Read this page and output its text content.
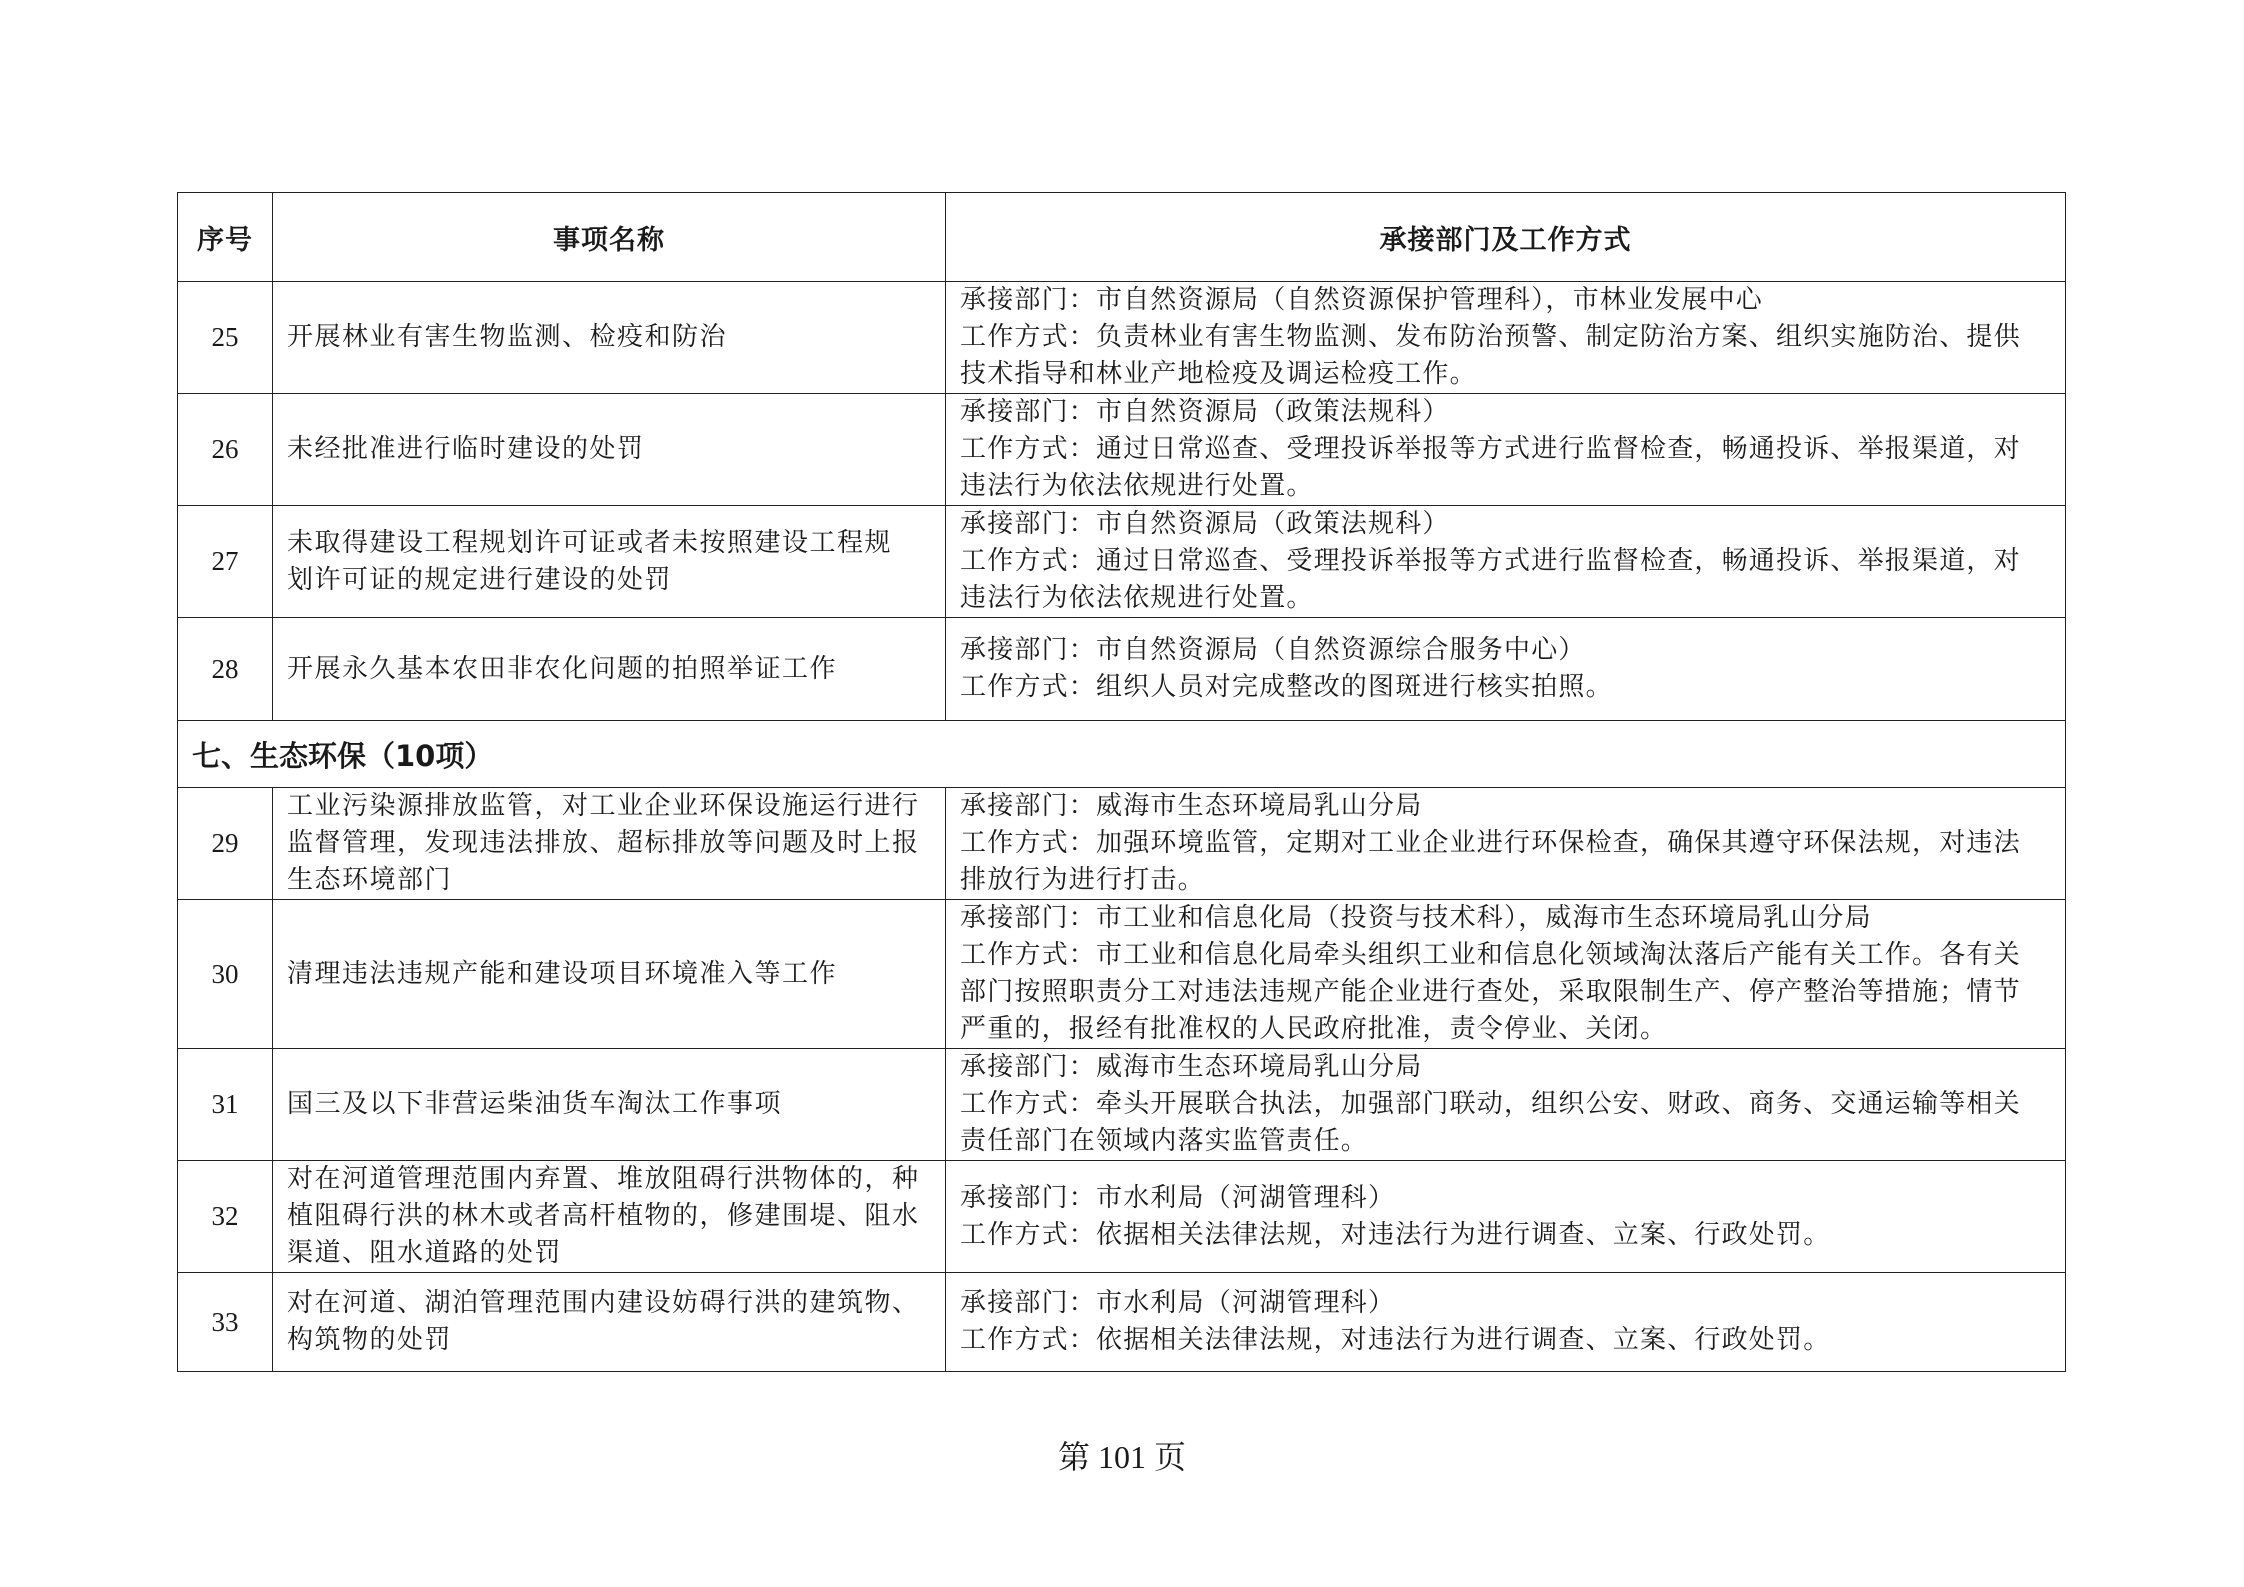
序号	事项名称	承接部门及工作方式
25	开展林业有害生物监测、检疫和防治	承接部门：市自然资源局（自然资源保护管理科），市林业发展中心
工作方式：负责林业有害生物监测、发布防治预警、制定防治方案、组织实施防治、提供
技术指导和林业产地检疫及调运检疫工作。

26	未经批准进行临时建设的处罚	承接部门：市自然资源局（政策法规科）
工作方式：通过日常巡查、受理投诉举报等方式进行监督检查，畅通投诉、举报渠道，对
违法行为依法依规进行处置。

27	未取得建设工程规划许可证或者未按照建设工程规
划许可证的规定进行建设的处罚	承接部门：市自然资源局（政策法规科）
工作方式：通过日常巡查、受理投诉举报等方式进行监督检查，畅通投诉、举报渠道，对
违法行为依法依规进行处置。

28	开展永久基本农田非农化问题的拍照举证工作	承接部门：市自然资源局（自然资源综合服务中心）
工作方式：组织人员对完成整改的图斑进行核实拍照。

七、生态环保（10项）		
29	工业污染源排放监管，对工业企业环保设施运行进行
监督管理，发现违法排放、超标排放等问题及时上报
生态环境部门	承接部门：威海市生态环境局乳山分局
工作方式：加强环境监管，定期对工业企业进行环保检查，确保其遵守环保法规，对违法
排放行为进行打击。

30	清理违法违规产能和建设项目环境准入等工作	承接部门：市工业和信息化局（投资与技术科），威海市生态环境局乳山分局
工作方式：市工业和信息化局牵头组织工业和信息化领域淘汰落后产能有关工作。各有关
部门按照职责分工对违法违规产能企业进行查处，采取限制生产、停产整治等措施；情节
严重的，报经有批准权的人民政府批准，责令停业、关闭。

31	国三及以下非营运柴油货车淘汰工作事项	承接部门：威海市生态环境局乳山分局
工作方式：牵头开展联合执法，加强部门联动，组织公安、财政、商务、交通运输等相关
责任部门在领域内落实监管责任。

32	对在河道管理范围内弃置、堆放阻碍行洪物体的，种
植阻碍行洪的林木或者高杆植物的，修建围堤、阻水
渠道、阻水道路的处罚	承接部门：市水利局（河湖管理科）
工作方式：依据相关法律法规，对违法行为进行调查、立案、行政处罚。

33	对在河道、湖泊管理范围内建设妨碍行洪的建筑物、
构筑物的处罚	承接部门：市水利局（河湖管理科）
工作方式：依据相关法律法规，对违法行为进行调查、立案、行政处罚。
第 101 页
